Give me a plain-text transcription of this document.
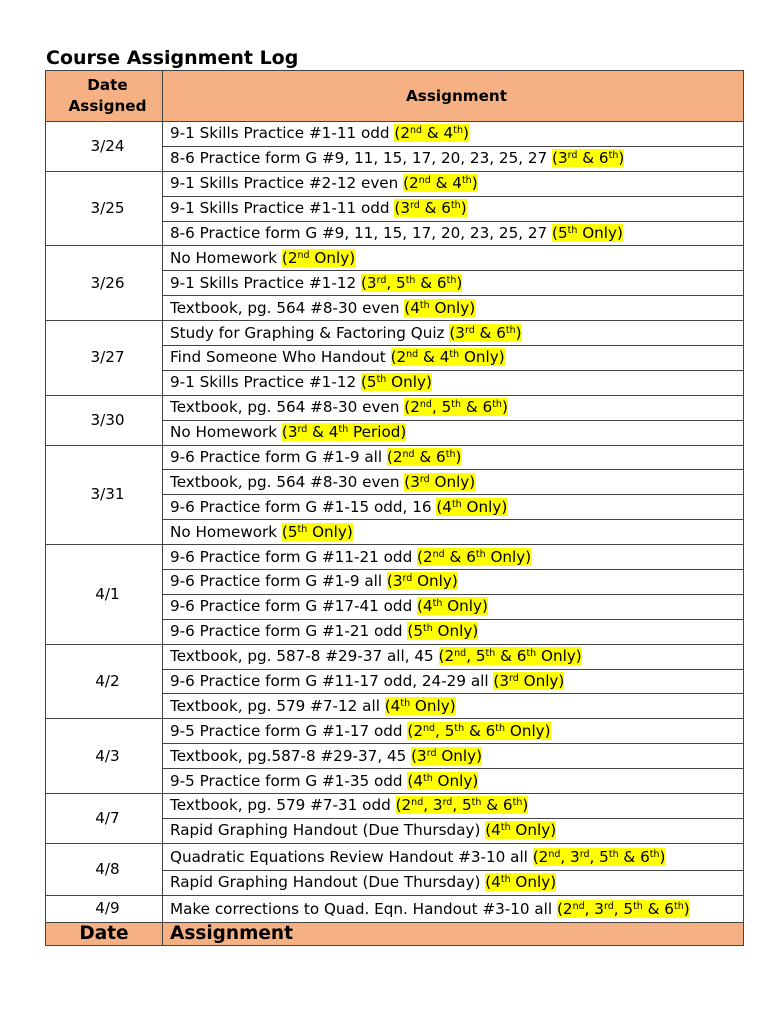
Course Assignment Log
Date Assigned	Assignment
3/24	9-1 Skills Practice #1-11 odd (2nd & 4th)
	8-6 Practice form G #9, 11, 15, 17, 20, 23, 25, 27 (3rd & 6th)
3/25	9-1 Skills Practice #2-12 even (2nd & 4th)
	9-1 Skills Practice #1-11 odd (3rd & 6th)
	8-6 Practice form G #9, 11, 15, 17, 20, 23, 25, 27 (5th Only)
3/26	No Homework (2nd Only)
	9-1 Skills Practice #1-12 (3rd, 5th & 6th)
	Textbook, pg. 564 #8-30 even (4th Only)
3/27	Study for Graphing & Factoring Quiz (3rd & 6th)
	Find Someone Who Handout (2nd & 4th Only)
	9-1 Skills Practice #1-12 (5th Only)
3/30	Textbook, pg. 564 #8-30 even (2nd, 5th & 6th)
	No Homework (3rd & 4th Period)
3/31	9-6 Practice form G #1-9 all (2nd & 6th)
	Textbook, pg. 564 #8-30 even (3rd Only)
	9-6 Practice form G #1-15 odd, 16 (4th Only)
	No Homework (5th Only)
4/1	9-6 Practice form G #11-21 odd (2nd & 6th Only)
	9-6 Practice form G #1-9 all (3rd Only)
	9-6 Practice form G #17-41 odd (4th Only)
	9-6 Practice form G #1-21 odd (5th Only)
4/2	Textbook, pg. 587-8 #29-37 all, 45 (2nd, 5th & 6th Only)
	9-6 Practice form G #11-17 odd, 24-29 all (3rd Only)
	Textbook, pg. 579 #7-12 all (4th Only)
4/3	9-5 Practice form G #1-17 odd (2nd, 5th & 6th Only)
	Textbook, pg.587-8 #29-37, 45 (3rd Only)
	9-5 Practice form G #1-35 odd (4th Only)
4/7	Textbook, pg. 579 #7-31 odd (2nd, 3rd, 5th & 6th)
	Rapid Graphing Handout (Due Thursday) (4th Only)
4/8	Quadratic Equations Review Handout #3-10 all (2nd, 3rd, 5th & 6th)
	Rapid Graphing Handout (Due Thursday) (4th Only)
4/9	Make corrections to Quad. Eqn. Handout #3-10 all (2nd, 3rd, 5th & 6th)
Date	Assignment
